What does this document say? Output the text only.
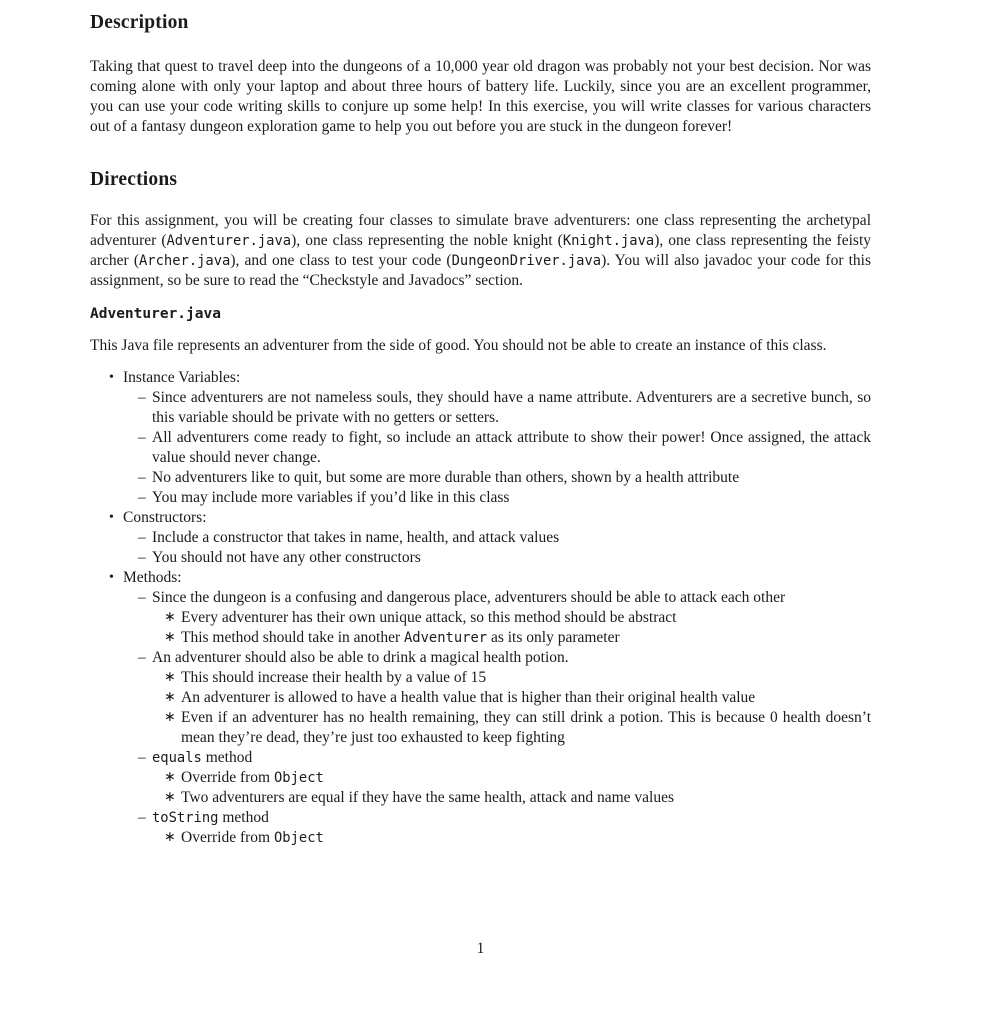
Description

Taking that quest to travel deep into the dungeons of a 10,000 year old dragon was probably not your best decision. Nor was coming alone with only your laptop and about three hours of battery life. Luckily, since you are an excellent programmer, you can use your code writing skills to conjure up some help! In this exercise, you will write classes for various characters out of a fantasy dungeon exploration game to help you out before you are stuck in the dungeon forever!

Directions

For this assignment, you will be creating four classes to simulate brave adventurers: one class representing the archetypal adventurer (Adventurer.java), one class representing the noble knight (Knight.java), one class representing the feisty archer (Archer.java), and one class to test your code (DungeonDriver.java). You will also javadoc your code for this assignment, so be sure to read the “Checkstyle and Javadocs” section.

Adventurer.java

This Java file represents an adventurer from the side of good. You should not be able to create an instance of this class.

• Instance Variables:
– Since adventurers are not nameless souls, they should have a name attribute. Adventurers are a secretive bunch, so this variable should be private with no getters or setters.
– All adventurers come ready to fight, so include an attack attribute to show their power! Once assigned, the attack value should never change.
– No adventurers like to quit, but some are more durable than others, shown by a health attribute
– You may include more variables if you’d like in this class
• Constructors:
– Include a constructor that takes in name, health, and attack values
– You should not have any other constructors
• Methods:
– Since the dungeon is a confusing and dangerous place, adventurers should be able to attack each other
∗ Every adventurer has their own unique attack, so this method should be abstract
∗ This method should take in another Adventurer as its only parameter
– An adventurer should also be able to drink a magical health potion.
∗ This should increase their health by a value of 15
∗ An adventurer is allowed to have a health value that is higher than their original health value
∗ Even if an adventurer has no health remaining, they can still drink a potion. This is because 0 health doesn’t mean they’re dead, they’re just too exhausted to keep fighting
– equals method
∗ Override from Object
∗ Two adventurers are equal if they have the same health, attack and name values
– toString method
∗ Override from Object
1
